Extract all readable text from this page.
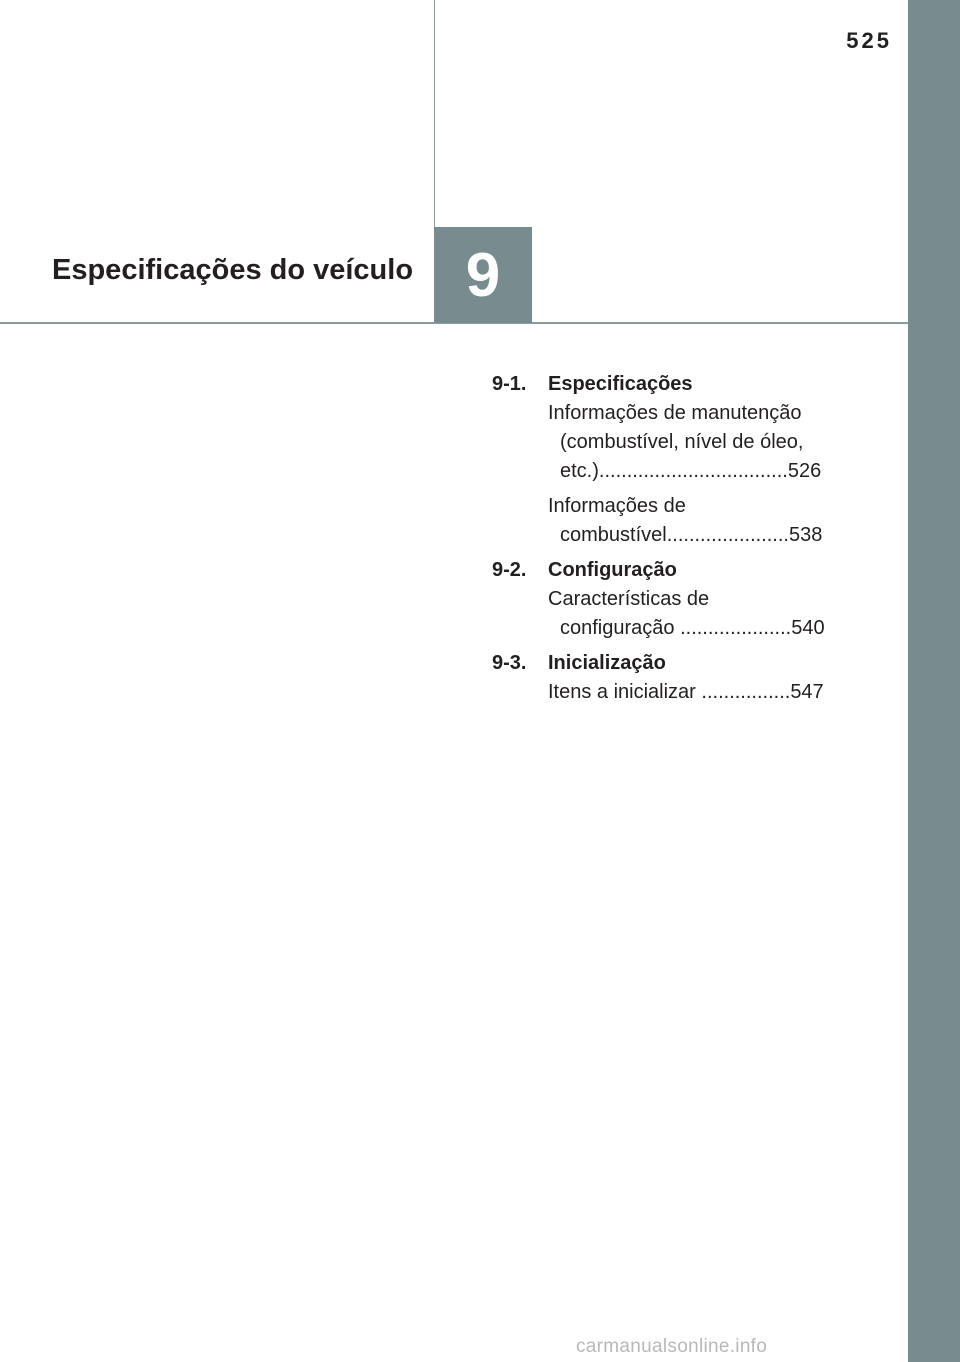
525
Especificações do veículo 9
9-1.	Especificações
Informações de manutenção
(combustível, nível de óleo,
etc.)..................................526
Informações de
combustível......................538
9-2.	Configuração
Características de
configuração ....................540
9-3.	Inicialização
Itens a inicializar ................547
carmanualsonline.info
